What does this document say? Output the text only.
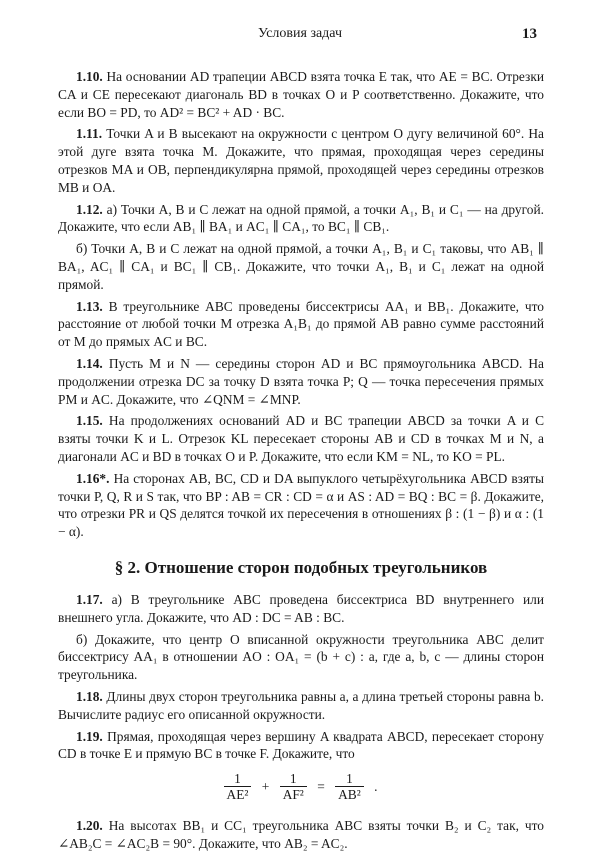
Условия задач	13

1.10. На основании AD трапеции ABCD взята точка E так, что AE = BC. Отрезки CA и CE пересекают диагональ BD в точках O и P соответственно. Докажите, что если BO = PD, то AD² = BC² + AD · BC.

1.11. Точки A и B высекают на окружности с центром O дугу величиной 60°. На этой дуге взята точка M. Докажите, что прямая, проходящая через середины отрезков MA и OB, перпендикулярна прямой, проходящей через середины отрезков MB и OA.

1.12. а) Точки A, B и C лежат на одной прямой, а точки A₁, B₁ и C₁ — на другой. Докажите, что если AB₁ ∥ BA₁ и AC₁ ∥ CA₁, то BC₁ ∥ CB₁.

б) Точки A, B и C лежат на одной прямой, а точки A₁, B₁ и C₁ таковы, что AB₁ ∥ BA₁, AC₁ ∥ CA₁ и BC₁ ∥ CB₁. Докажите, что точки A₁, B₁ и C₁ лежат на одной прямой.

1.13. В треугольнике ABC проведены биссектрисы AA₁ и BB₁. Докажите, что расстояние от любой точки M отрезка A₁B₁ до прямой AB равно сумме расстояний от M до прямых AC и BC.

1.14. Пусть M и N — середины сторон AD и BC прямоугольника ABCD. На продолжении отрезка DC за точку D взята точка P; Q — точка пересечения прямых PM и AC. Докажите, что ∠QNM = ∠MNP.

1.15. На продолжениях оснований AD и BC трапеции ABCD за точки A и C взяты точки K и L. Отрезок KL пересекает стороны AB и CD в точках M и N, а диагонали AC и BD в точках O и P. Докажите, что если KM = NL, то KO = PL.

1.16*. На сторонах AB, BC, CD и DA выпуклого четырёхугольника ABCD взяты точки P, Q, R и S так, что BP : AB = CR : CD = α и AS : AD = BQ : BC = β. Докажите, что отрезки PR и QS делятся точкой их пересечения в отношениях β : (1 − β) и α : (1 − α).

§ 2. Отношение сторон подобных треугольников

1.17. а) В треугольнике ABC проведена биссектриса BD внутреннего или внешнего угла. Докажите, что AD : DC = AB : BC.

б) Докажите, что центр O вписанной окружности треугольника ABC делит биссектрису AA₁ в отношении AO : OA₁ = (b + c) : a, где a, b, c — длины сторон треугольника.

1.18. Длины двух сторон треугольника равны a, а длина третьей стороны равна b. Вычислите радиус его описанной окружности.

1.19. Прямая, проходящая через вершину A квадрата ABCD, пересекает сторону CD в точке E и прямую BC в точке F. Докажите, что

$\frac{1}{\text{AE²}} + \frac{1}{\text{AF²}} = \frac{1}{\text{AB²}}$ .

1.20. На высотах BB₁ и CC₁ треугольника ABC взяты точки B₂ и C₂ так, что ∠AB₂C = ∠AC₂B = 90°. Докажите, что AB₂ = AC₂.
